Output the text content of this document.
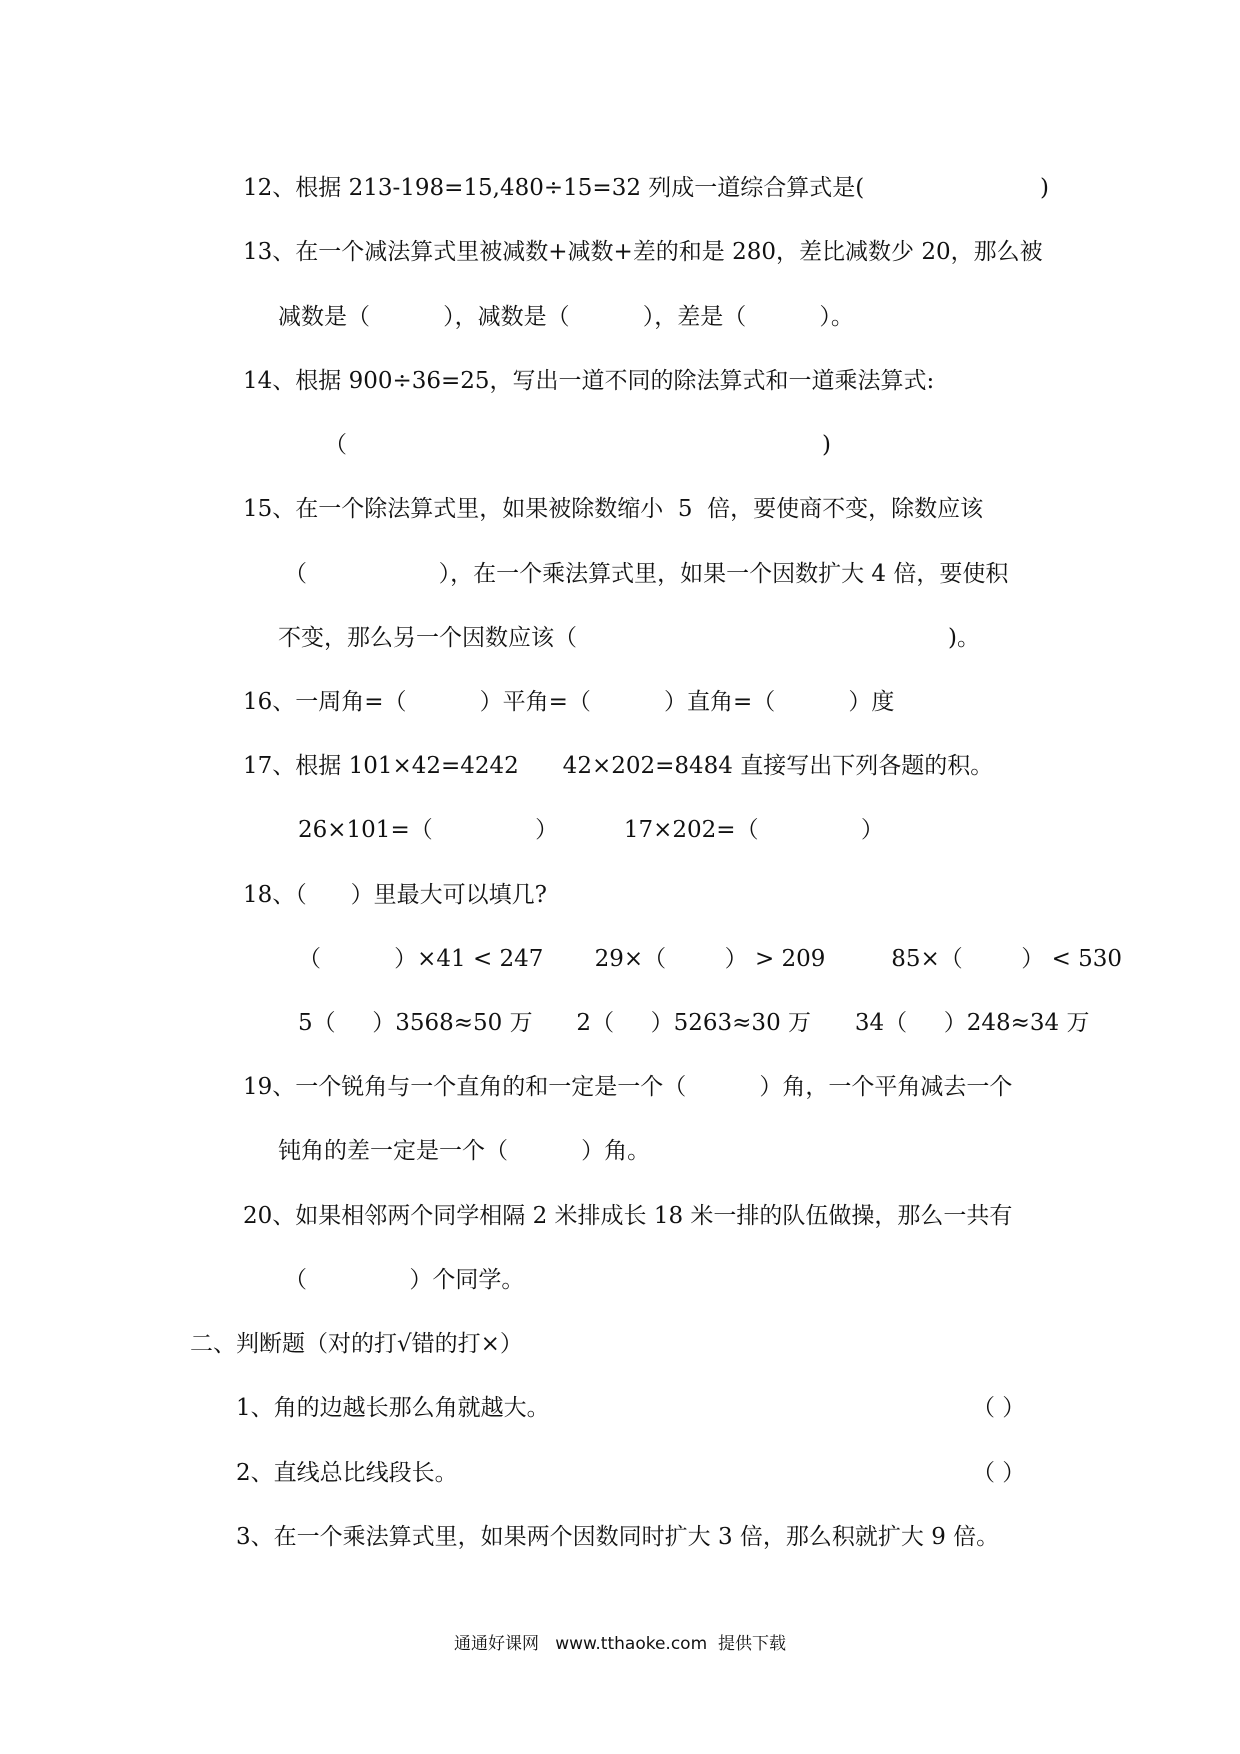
12、根据 213-198=15,480÷15=32 列成一道综合算式是(	)
13、在一个减法算式里被减数+减数+差的和是 280，差比减数少 20，那么被
减数是（          ），减数是（          ），差是（          ）。
14、根据 900÷36=25，写出一道不同的除法算式和一道乘法算式:
（	)
15、在一个除法算式里，如果被除数缩小  5  倍，要使商不变，除数应该
（                  ），在一个乘法算式里，如果一个因数扩大 4 倍，要使积
不变，那么另一个因数应该（	)。
16、一周角=（          ）平角=（          ）直角=（          ）度
17、根据 101×42=4242      42×202=8484 直接写出下列各题的积。
26×101=（              ）         17×202=（              ）
18、（      ）里最大可以填几?
（          ）×41 < 247       29×（        ） > 209         85×（        ） < 530
5（     ）3568≈50 万      2（     ）5263≈30 万      34（     ）248≈34 万
19、一个锐角与一个直角的和一定是一个（          ）角，一个平角减去一个
钝角的差一定是一个（          ）角。
20、如果相邻两个同学相隔 2 米排成长 18 米一排的队伍做操，那么一共有
（              ）个同学。
二、判断题（对的打√错的打×）
1、角的边越长那么角就越大。	（ ）
2、直线总比线段长。	（ ）
3、在一个乘法算式里，如果两个因数同时扩大 3 倍，那么积就扩大 9 倍。
通通好课网   www.tthaoke.com  提供下载
